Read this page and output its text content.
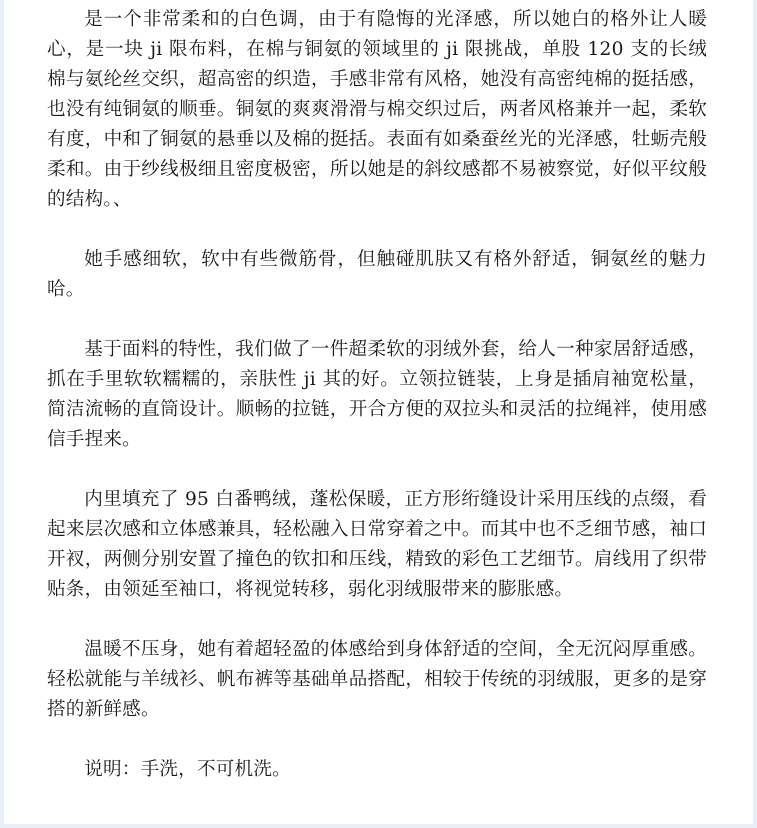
是一个非常柔和的白色调，由于有隐悔的光泽感，所以她白的格外让人暖心，是一块 ji 限布料，在棉与铜氨的领域里的 ji 限挑战，单股 120 支的长绒棉与氨纶丝交织，超高密的织造，手感非常有风格，她没有高密纯棉的挺括感，也没有纯铜氨的顺垂。铜氨的爽爽滑滑与棉交织过后，两者风格兼并一起，柔软有度，中和了铜氨的悬垂以及棉的挺括。表面有如桑蚕丝光的光泽感，牡蛎壳般柔和。由于纱线极细且密度极密，所以她是的斜纹感都不易被察觉，好似平纹般的结构。、

她手感细软，软中有些微筋骨，但触碰肌肤又有格外舒适，铜氨丝的魅力哈。

基于面料的特性，我们做了一件超柔软的羽绒外套，给人一种家居舒适感，抓在手里软软糯糯的，亲肤性 ji 其的好。立领拉链装，上身是插肩袖宽松量，简洁流畅的直筒设计。顺畅的拉链，开合方便的双拉头和灵活的拉绳袢，使用感信手捏来。

内里填充了 95 白番鸭绒，蓬松保暖，正方形绗缝设计采用压线的点缀，看起来层次感和立体感兼具，轻松融入日常穿着之中。而其中也不乏细节感，袖口开衩，两侧分别安置了撞色的钦扣和压线，精致的彩色工艺细节。肩线用了织带贴条，由领延至袖口，将视觉转移，弱化羽绒服带来的膨胀感。

温暖不压身，她有着超轻盈的体感给到身体舒适的空间，全无沉闷厚重感。轻松就能与羊绒衫、帆布裤等基础单品搭配，相较于传统的羽绒服，更多的是穿搭的新鲜感。

说明：手洗，不可机洗。
